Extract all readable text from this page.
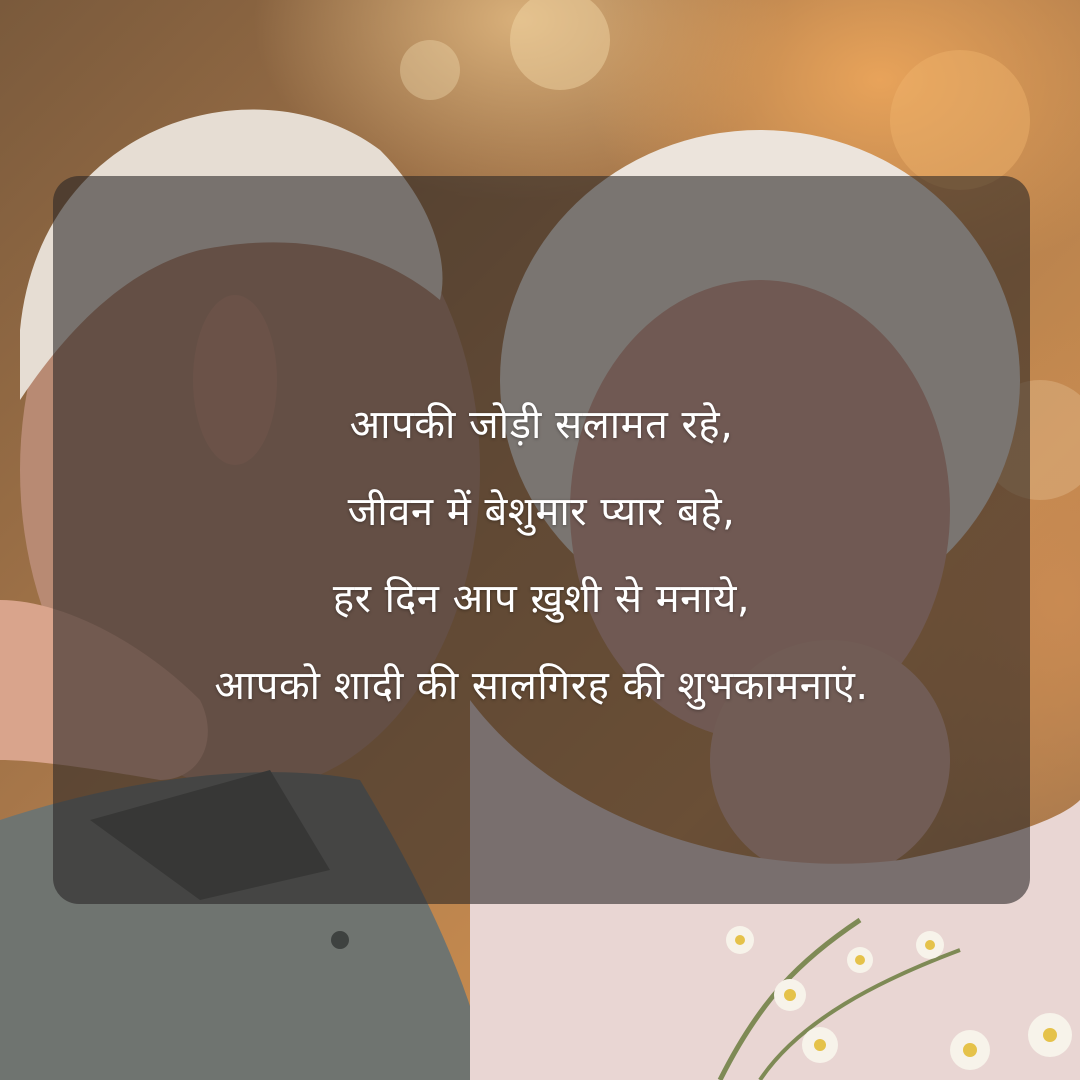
आपकी जोड़ी सलामत रहे,
जीवन में बेशुमार प्यार बहे,
हर दिन आप ख़ुशी से मनाये,
आपको शादी की सालगिरह की शुभकामनाएं.
